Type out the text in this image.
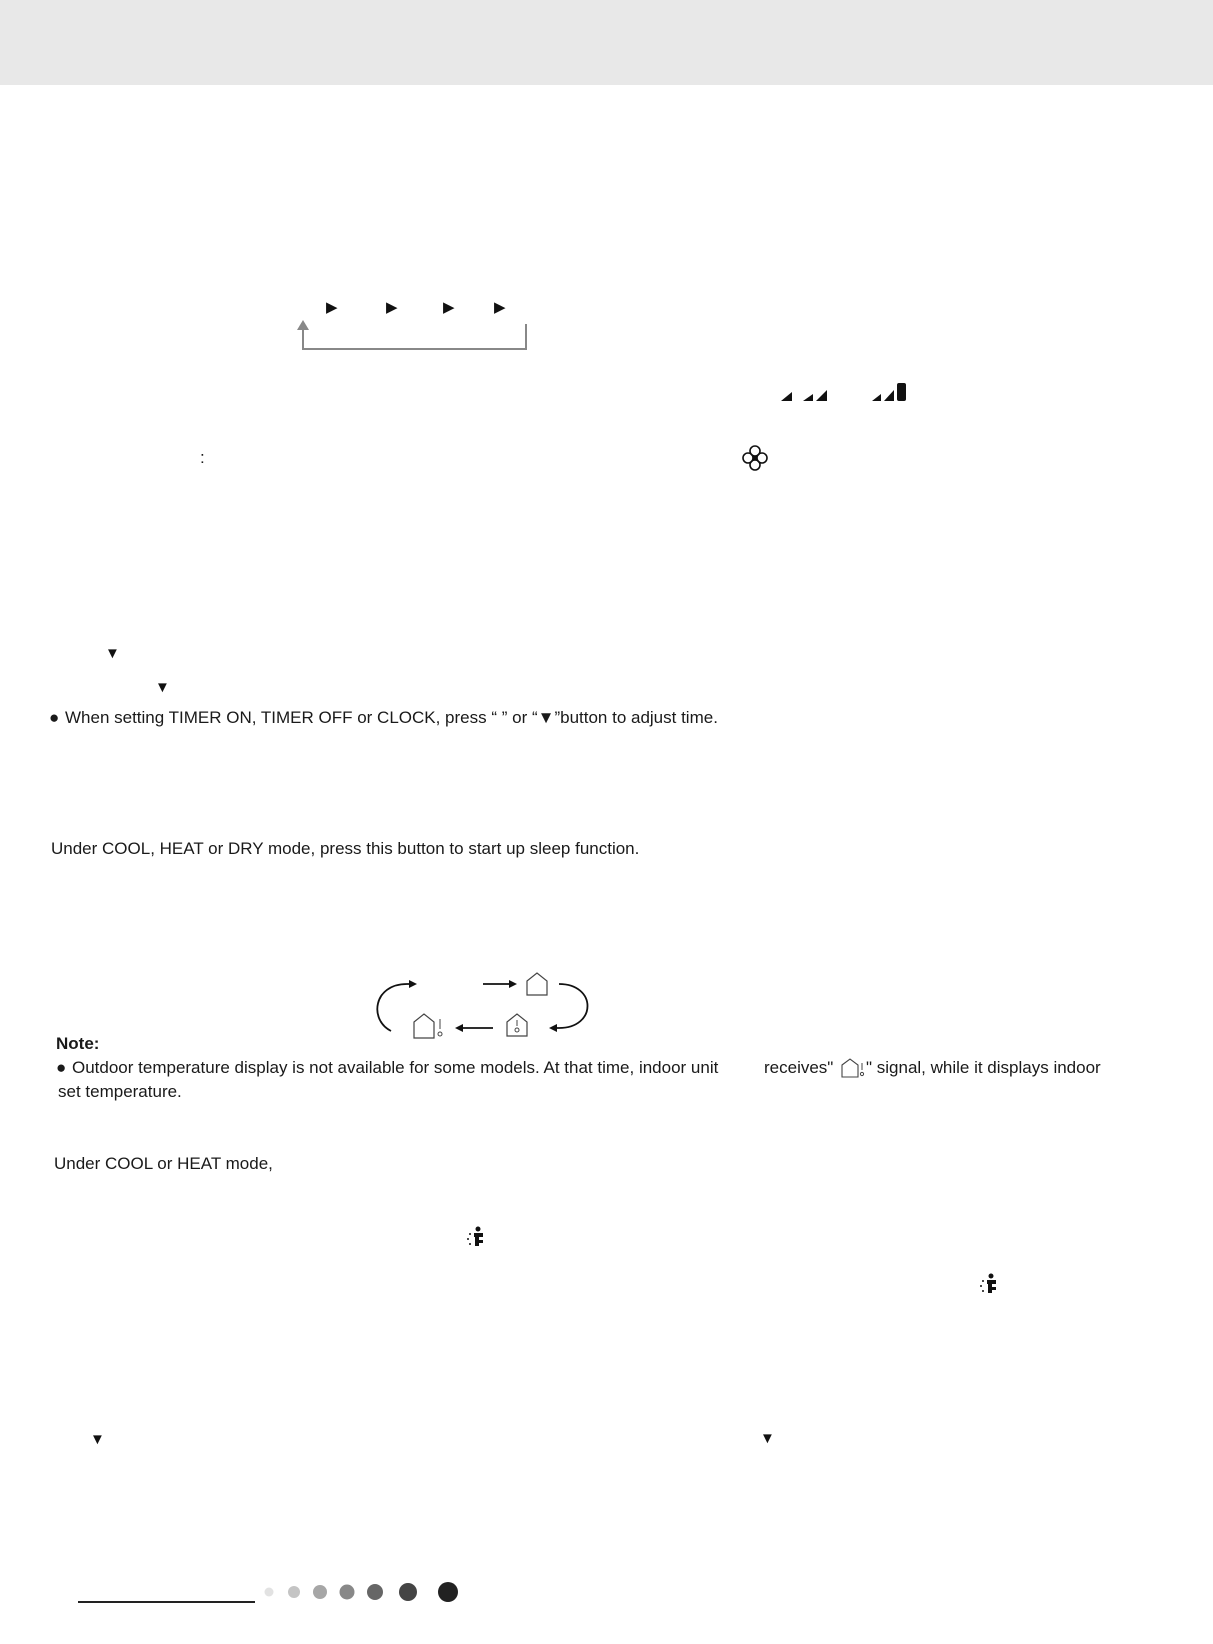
▶	▶	▶	▶
:
▼
▼
● When setting TIMER ON, TIMER OFF or CLOCK, press “ ” or “▼”button to adjust time.
Under COOL, HEAT or DRY mode, press this button to start up sleep function.
Note:
● Outdoor temperature display is not available for some models. At that time, indoor unit	receives" " signal, while it displays indoor
set temperature.
Under COOL or HEAT mode,
▼	▼
